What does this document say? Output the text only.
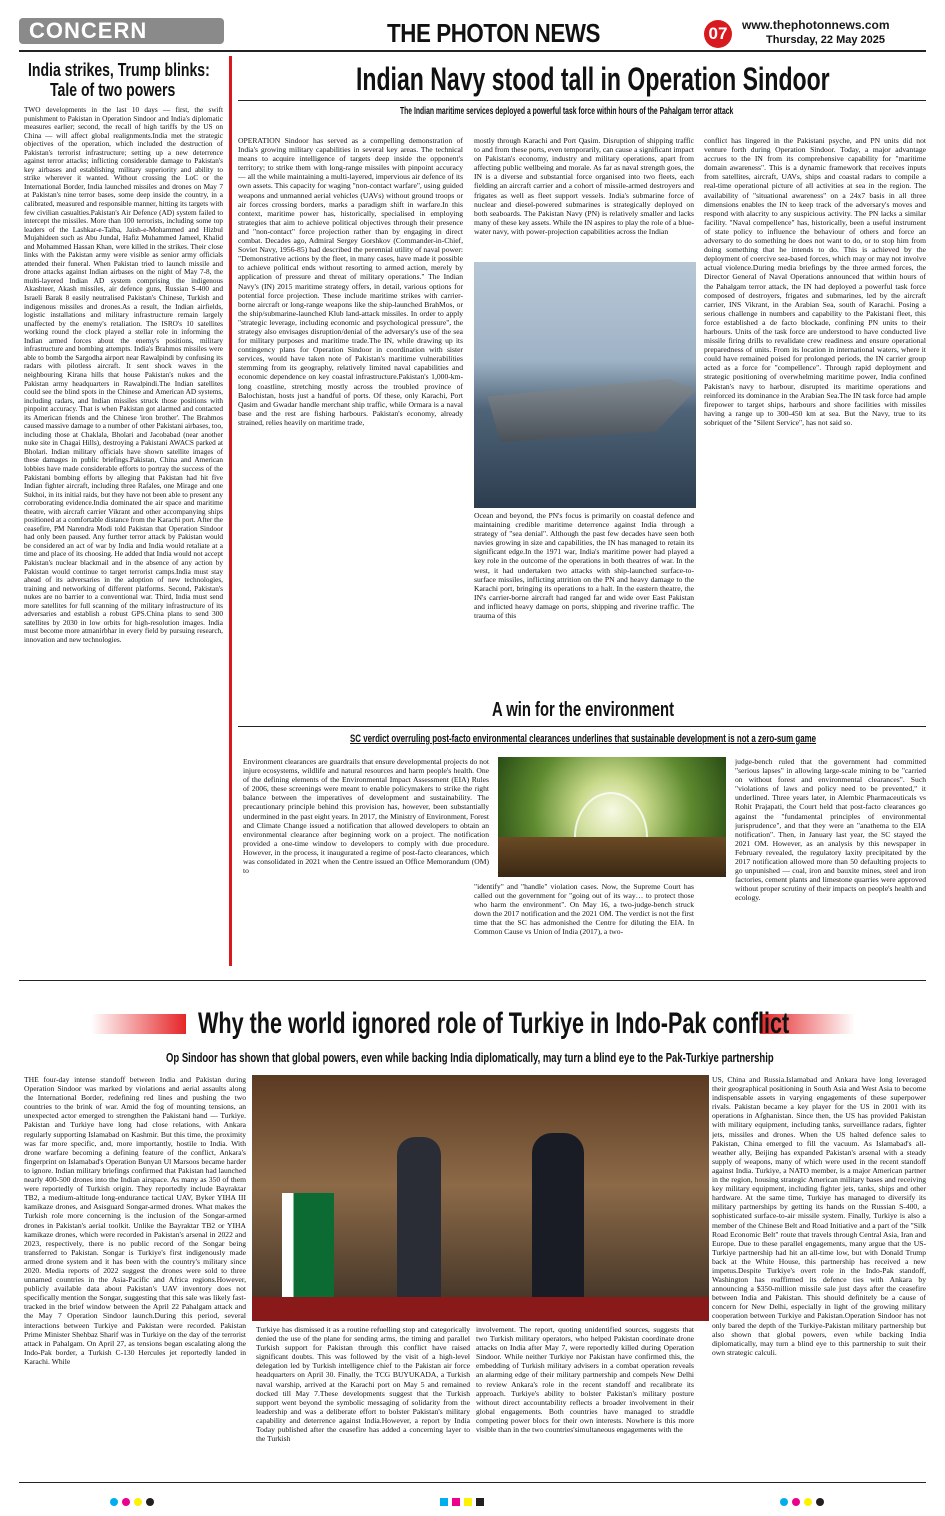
CONCERN	THE PHOTON NEWS	07	www.thephotonnews.com
Thursday, 22 May 2025
India strikes, Trump blinks:
Tale of two powers
TWO developments in the last 10 days — first, the swift punishment to Pakistan in Operation Sindoor and India's diplomatic measures earlier; second, the recall of high tariffs by the US on China — will affect global realignments.India met the strategic objectives of the operation, which included the destruction of Pakistan's terrorist infrastructure; setting up a new deterrence against terror attacks; inflicting considerable damage to Pakistan's key airbases and establishing military superiority and ability to strike wherever it wanted. Without crossing the LoC or the International Border, India launched missiles and drones on May 7 at Pakistan's nine terror bases, some deep inside the country, in a calibrated, measured and responsible manner, hitting its targets with few civilian casualties.Pakistan's Air Defence (AD) system failed to intercept the missiles. More than 100 terrorists, including some top leaders of the Lashkar-e-Taiba, Jaish-e-Mohammed and Hizbul Mujahideen such as Abu Jundal, Hafiz Muhammed Jameel, Khalid and Mohammed Hassan Khan, were killed in the strikes. Their close links with the Pakistan army were visible as senior army officials attended their funeral. When Pakistan tried to launch missile and drone attacks against Indian airbases on the night of May 7-8, the multi-layered Indian AD system comprising the indigenous Akashteer, Akash missiles, air defence guns, Russian S-400 and Israeli Barak 8 easily neutralised Pakistan's Chinese, Turkish and indigenous missiles and drones.As a result, the Indian airfields, logistic installations and military infrastructure remain largely unaffected by the enemy's retaliation. The ISRO's 10 satellites working round the clock played a stellar role in informing the Indian armed forces about the enemy's positions, military infrastructure and bombing attempts. India's Brahmos missiles were able to bomb the Sargodha airport near Rawalpindi by confusing its radars with pilotless aircraft. It sent shock waves in the neighbouring Kirana hills that house Pakistan's nukes and the Pakistan army headquarters in Rawalpindi.The Indian satellites could see the blind spots in the Chinese and American AD systems, including radars, and Indian missiles struck those positions with pinpoint accuracy. That is when Pakistan got alarmed and contacted its American friends and the Chinese 'iron brother'. The Brahmos caused massive damage to a number of other Pakistani airbases, too, including those at Chaklala, Bholari and Jacobabad (near another nuke site in Chagai Hills), destroying a Pakistani AWACS parked at Bholari. Indian military officials have shown satellite images of these damages in public briefings.Pakistan, China and American lobbies have made considerable efforts to portray the success of the Pakistani bombing efforts by alleging that Pakistan had hit five Indian fighter aircraft, including three Rafales, one Mirage and one Sukhoi, in its initial raids, but they have not been able to present any corroborating evidence.India dominated the air space and maritime theatre, with aircraft carrier Vikrant and other accompanying ships positioned at a comfortable distance from the Karachi port. After the ceasefire, PM Narendra Modi told Pakistan that Operation Sindoor had only been paused. Any further terror attack by Pakistan would be considered an act of war by India and India would retaliate at a time and place of its choosing. He added that India would not accept Pakistan's nuclear blackmail and in the absence of any action by Pakistan would continue to target terrorist camps.India must stay ahead of its adversaries in the adoption of new technologies, training and networking of different platforms. Second, Pakistan's nukes are no barrier to a conventional war. Third, India must send more satellites for full scanning of the military infrastructure of its adversaries and establish a robust GPS.China plans to send 300 satellites by 2030 in low orbits for high-resolution images. India must become more atmanirbhar in every field by pursuing research, innovation and new technologies.
Indian Navy stood tall in Operation Sindoor
The Indian maritime services deployed a powerful task force within hours of the Pahalgam terror attack
OPERATION Sindoor has served as a compelling demonstration of India's growing military capabilities in several key areas. The technical means to acquire intelligence of targets deep inside the opponent's territory; to strike them with long-range missiles with pinpoint accuracy — all the while maintaining a multi-layered, impervious air defence of its own assets. This capacity for waging "non-contact warfare", using guided weapons and unmanned aerial vehicles (UAVs) without ground troops or air forces crossing borders, marks a paradigm shift in warfare.In this context, maritime power has, historically, specialised in employing strategies that aim to achieve political objectives through their presence and "non-contact" force projection rather than by engaging in direct combat. Decades ago, Admiral Sergey Gorshkov (Commander-in-Chief, Soviet Navy, 1956-85) had described the perennial utility of naval power: "Demonstrative actions by the fleet, in many cases, have made it possible to achieve political ends without resorting to armed action, merely by application of pressure and threat of military operations." The Indian Navy's (IN) 2015 maritime strategy offers, in detail, various options for potential force projection. These include maritime strikes with carrier-borne aircraft or long-range weapons like the ship-launched BrahMos, or the ship/submarine-launched Klub land-attack missiles. In order to apply "strategic leverage, including economic and psychological pressure", the strategy also envisages disruption/denial of the adversary's use of the sea for military purposes and maritime trade.The IN, while drawing up its contingency plans for Operation Sindoor in coordination with sister services, would have taken note of Pakistan's maritime vulnerabilities stemming from its geography, relatively limited naval capabilities and economic dependence on key coastal infrastructure.Pakistan's 1,000-km-long coastline, stretching mostly across the troubled province of Balochistan, hosts just a handful of ports. Of these, only Karachi, Port Qasim and Gwadar handle merchant ship traffic, while Ormara is a naval base and the rest are fishing harbours. Pakistan's economy, already strained, relies heavily on maritime trade,
mostly through Karachi and Port Qasim. Disruption of shipping traffic to and from these ports, even temporarily, can cause a significant impact on Pakistan's economy, industry and military operations, apart from affecting public wellbeing and morale. As far as naval strength goes, the IN is a diverse and substantial force organised into two fleets, each fielding an aircraft carrier and a cohort of missile-armed destroyers and frigates as well as fleet support vessels. India's submarine force of nuclear and diesel-powered submarines is strategically deployed on both seaboards. The Pakistan Navy (PN) is relatively smaller and lacks many of these key assets. While the IN aspires to play the role of a blue-water navy, with power-projection capabilities across the Indian
Ocean and beyond, the PN's focus is primarily on coastal defence and maintaining credible maritime deterrence against India through a strategy of "sea denial". Although the past few decades have seen both navies growing in size and capabilities, the IN has managed to retain its significant edge.In the 1971 war, India's maritime power had played a key role in the outcome of the operations in both theatres of war. In the west, it had undertaken two attacks with ship-launched surface-to-surface missiles, inflicting attrition on the PN and heavy damage to the Karachi port, bringing its operations to a halt. In the eastern theatre, the IN's carrier-borne aircraft had ranged far and wide over East Pakistan and inflicted heavy damage on ports, shipping and riverine traffic. The trauma of this
conflict has lingered in the Pakistani psyche, and PN units did not venture forth during Operation Sindoor. Today, a major advantage accrues to the IN from its comprehensive capability for "maritime domain awareness". This is a dynamic framework that receives inputs from satellites, aircraft, UAVs, ships and coastal radars to compile a real-time operational picture of all activities at sea in the region. The availability of "situational awareness" on a 24x7 basis in all three dimensions enables the IN to keep track of the adversary's moves and respond with alacrity to any suspicious activity. The PN lacks a similar facility. "Naval compellence" has, historically, been a useful instrument of state policy to influence the behaviour of others and force an adversary to do something he does not want to do, or to stop him from doing something that he intends to do. This is achieved by the deployment of coercive sea-based forces, which may or may not involve actual violence.During media briefings by the three armed forces, the Director General of Naval Operations announced that within hours of the Pahalgam terror attack, the IN had deployed a powerful task force composed of destroyers, frigates and submarines, led by the aircraft carrier, INS Vikrant, in the Arabian Sea, south of Karachi. Posing a serious challenge in numbers and capability to the Pakistani fleet, this force established a de facto blockade, confining PN units to their harbours. Units of the task force are understood to have conducted live missile firing drills to revalidate crew readiness and ensure operational preparedness of units. From its location in international waters, where it could have remained poised for prolonged periods, the IN carrier group acted as a force for "compellence". Through rapid deployment and strategic positioning of overwhelming maritime power, India confined Pakistan's navy to harbour, disrupted its maritime operations and reinforced its dominance in the Arabian Sea.The IN task force had ample firepower to target ships, harbours and shore facilities with missiles having a range up to 300-450 km at sea. But the Navy, true to its sobriquet of the "Silent Service", has not said so.
A win for the environment
SC verdict overruling post-facto environmental clearances underlines that sustainable development is not a zero-sum game
Environment clearances are guardrails that ensure developmental projects do not injure ecosystems, wildlife and natural resources and harm people's health. One of the defining elements of the Environmental Impact Assessment (EIA) Rules of 2006, these screenings were meant to enable policymakers to strike the right balance between the imperatives of development and sustainability. The precautionary principle behind this provision has, however, been substantially undermined in the past eight years. In 2017, the Ministry of Environment, Forest and Climate Change issued a notification that allowed developers to obtain an environmental clearance after beginning work on a project. The notification provided a one-time window to developers to comply with due procedure. However, in the process, it inaugurated a regime of post-facto clearances, which was consolidated in 2021 when the Centre issued an Office Memorandum (OM) to
"identify" and "handle" violation cases. Now, the Supreme Court has called out the government for "going out of its way… to protect those who harm the environment". On May 16, a two-judge-bench struck down the 2017 notification and the 2021 OM. The verdict is not the first time that the SC has admonished the Centre for diluting the EIA. In Common Cause vs Union of India (2017), a two-
judge-bench ruled that the government had committed "serious lapses" in allowing large-scale mining to be "carried on without forest and environmental clearances". Such "violations of laws and policy need to be prevented," it underlined. Three years later, in Alembic Pharmaceuticals vs Rohit Prajapati, the Court held that post-facto clearances go against the "fundamental principles of environmental jurisprudence", and that they were an "anathema to the EIA notification". Then, in January last year, the SC stayed the 2021 OM. However, as an analysis by this newspaper in February revealed, the regulatory laxity precipitated by the 2017 notification allowed more than 50 defaulting projects to go unpunished — coal, iron and bauxite mines, steel and iron factories, cement plants and limestone quarries were approved without proper scrutiny of their impacts on people's health and ecology.
Why the world ignored role of Turkiye in Indo-Pak conflict
Op Sindoor has shown that global powers, even while backing India diplomatically, may turn a blind eye to the Pak-Turkiye partnership
THE four-day intense standoff between India and Pakistan during Operation Sindoor was marked by violations and aerial assaults along the International Border, redefining red lines and pushing the two countries to the brink of war. Amid the fog of mounting tensions, an unexpected actor emerged to strengthen the Pakistani hand — Turkiye. Pakistan and Turkiye have long had close relations, with Ankara regularly supporting Islamabad on Kashmir. But this time, the proximity was far more specific, and, more importantly, hostile to India. With drone warfare becoming a defining feature of the conflict, Ankara's fingerprint on Islamabad's Operation Bunyan Ul Marsoos became harder to ignore. Indian military briefings confirmed that Pakistan had launched nearly 400-500 drones into the Indian airspace. As many as 350 of them were reportedly of Turkish origin. They reportedly include Bayraktar TB2, a medium-altitude long-endurance tactical UAV, Byker YIHA III kamikaze drones, and Asisguard Songar-armed drones. What makes the Turkish role more concerning is the inclusion of the Songar-armed drones in Pakistan's aerial toolkit. Unlike the Bayraktar TB2 or YIHA kamikaze drones, which were recorded in Pakistan's arsenal in 2022 and 2023, respectively, there is no public record of the Songar being transferred to Pakistan. Songar is Turkiye's first indigenously made armed drone system and it has been with the country's military since 2020. Media reports of 2022 suggest the drones were sold to three unnamed countries in the Asia-Pacific and Africa regions.However, publicly available data about Pakistan's UAV inventory does not specifically mention the Songar, suggesting that this sale was likely fast-tracked in the brief window between the April 22 Pahalgam attack and the May 7 Operation Sindoor launch.During this period, several interactions between Turkiye and Pakistan were recorded. Pakistan Prime Minister Shehbaz Sharif was in Turkiye on the day of the terrorist attack in Pahalgam. On April 27, as tensions began escalating along the Indo-Pak border, a Turkish C-130 Hercules jet reportedly landed in Karachi. While
Turkiye has dismissed it as a routine refuelling stop and categorically denied the use of the plane for sending arms, the timing and parallel Turkish support for Pakistan through this conflict have raised significant doubts. This was followed by the visit of a high-level delegation led by Turkish intelligence chief to the Pakistan air force headquarters on April 30. Finally, the TCG BUYUKADA, a Turkish naval warship, arrived at the Karachi port on May 5 and remained docked till May 7.These developments suggest that the Turkish support went beyond the symbolic messaging of solidarity from the leadership and was a deliberate effort to bolster Pakistan's military capability and deterrence against India.However, a report by India Today published after the ceasefire has added a concerning layer to the Turkish
involvement. The report, quoting unidentified sources, suggests that two Turkish military operators, who helped Pakistan coordinate drone attacks on India after May 7, were reportedly killed during Operation Sindoor. While neither Turkiye nor Pakistan have confirmed this, the embedding of Turkish military advisers in a combat operation reveals an alarming edge of their military partnership and compels New Delhi to review Ankara's role in the recent standoff and recalibrate its approach. Turkiye's ability to bolster Pakistan's military posture without direct accountability reflects a broader involvement in their global engagements. Both countries have managed to straddle competing power blocs for their own interests. Nowhere is this more visible than in the two countries'simultaneous engagements with the
US, China and Russia.Islamabad and Ankara have long leveraged their geographical positioning in South Asia and West Asia to become indispensable assets in varying engagements of these superpower rivals. Pakistan became a key player for the US in 2001 with its operations in Afghanistan. Since then, the US has provided Pakistan with military equipment, including tanks, surveillance radars, fighter jets, missiles and drones. When the US halted defence sales to Pakistan, China emerged to fill the vacuum. As Islamabad's all-weather ally, Beijing has expanded Pakistan's arsenal with a steady supply of weapons, many of which were used in the recent standoff against India. Turkiye, a NATO member, is a major American partner in the region, housing strategic American military bases and receiving key military equipment, including fighter jets, tanks, ships and other hardware. At the same time, Turkiye has managed to diversify its military partnerships by getting its hands on the Russian S-400, a sophisticated surface-to-air missile system. Finally, Turkiye is also a member of the Chinese Belt and Road Initiative and a part of the "Silk Road Economic Belt" route that travels through Central Asia, Iran and Europe. Due to these parallel engagements, many argue that the US-Turkiye partnership had hit an all-time low, but with Donald Trump back at the White House, this partnership has received a new impetus.Despite Turkiye's overt role in the Indo-Pak standoff, Washington has reaffirmed its defence ties with Ankara by announcing a $350-million missile sale just days after the ceasefire between India and Pakistan. This should definitely be a cause of concern for New Delhi, especially in light of the growing military cooperation between Turkiye and Pakistan.Operation Sindoor has not only bared the depth of the Turkiye-Pakistan military partnership but also shown that global powers, even while backing India diplomatically, may turn a blind eye to this partnership to suit their own strategic calculi.
